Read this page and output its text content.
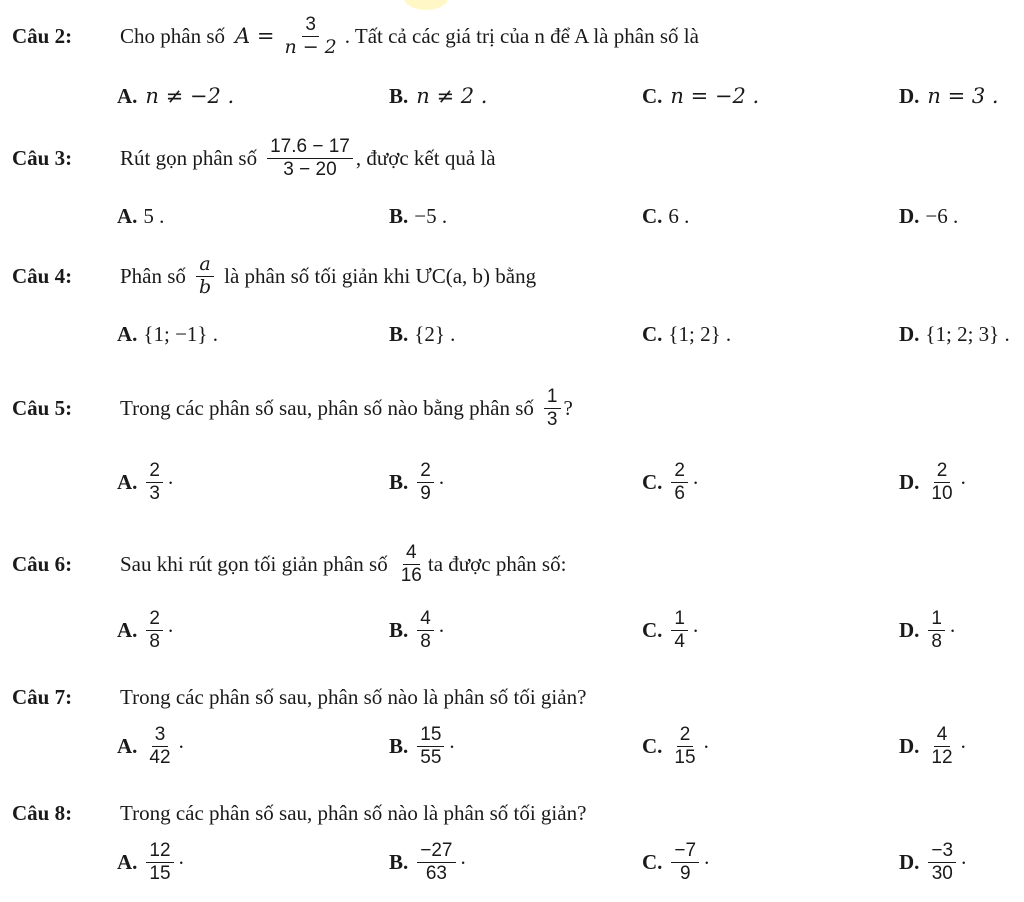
Câu 2:	Cho phân số $A = \frac{3}{n - 2}$ . Tất cả các giá trị của n để A là phân số là
A. n ≠ −2 .	B. n ≠ 2 .	C. n = −2 .	D. n = 3 .
Câu 3:	Rút gọn phân số $\frac{17.6 - 17}{3 - 20}$ , được kết quả là
A. 5 .	B. −5 .	C. 6 .	D. −6 .
Câu 4:	Phân số $\frac{a}{b}$ là phân số tối giản khi ƯC(a, b) bằng
A. {1; −1} .	B. {2} .	C. {1; 2} .	D. {1; 2; 3} .
Câu 5:	Trong các phân số sau, phân số nào bằng phân số $\frac{1}{3}$ ?
A. $\frac{2}{3}$ .	B. $\frac{2}{9}$ .	C. $\frac{2}{6}$ .	D. $\frac{2}{10}$ .
Câu 6:	Sau khi rút gọn tối giản phân số $\frac{4}{16}$ ta được phân số:
A. $\frac{2}{8}$ .	B. $\frac{4}{8}$ .	C. $\frac{1}{4}$ .	D. $\frac{1}{8}$ .
Câu 7:	Trong các phân số sau, phân số nào là phân số tối giản?
A. $\frac{3}{42}$ .	B. $\frac{15}{55}$ .	C. $\frac{2}{15}$ .	D. $\frac{4}{12}$ .
Câu 8:	Trong các phân số sau, phân số nào là phân số tối giản?
A. $\frac{12}{15}$ .	B. $\frac{-27}{63}$ .	C. $\frac{-7}{9}$ .	D. $\frac{-3}{30}$ .
